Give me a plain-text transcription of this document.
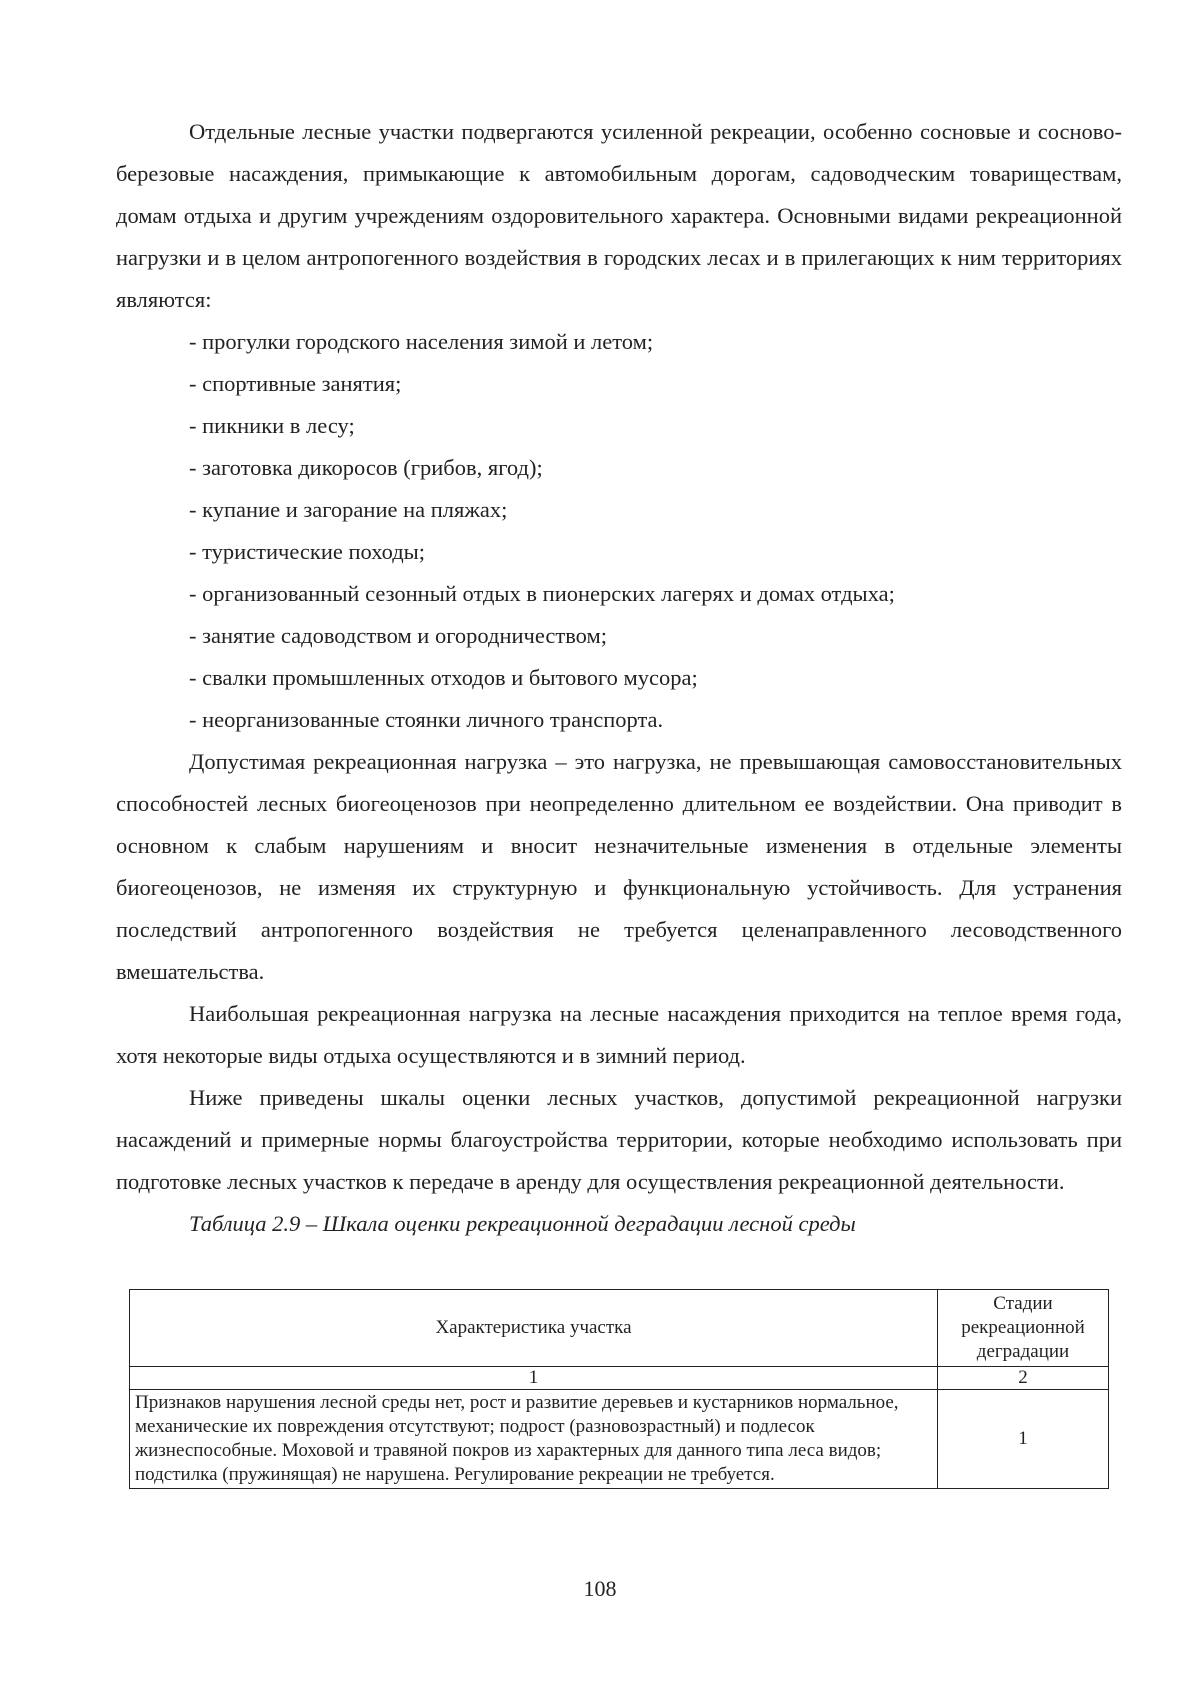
Отдельные лесные участки подвергаются усиленной рекреации, особенно сосновые и сосново-березовые насаждения, примыкающие к автомобильным дорогам, садоводческим товариществам, домам отдыха и другим учреждениям оздоровительного характера. Основными видами рекреационной нагрузки и в целом антропогенного воздействия в городских лесах и в прилегающих к ним территориях являются:

- прогулки городского населения зимой и летом;
- спортивные занятия;
- пикники в лесу;
- заготовка дикоросов (грибов, ягод);
- купание и загорание на пляжах;
- туристические походы;
- организованный сезонный отдых в пионерских лагерях и домах отдыха;
- занятие садоводством и огородничеством;
- свалки промышленных отходов и бытового мусора;
- неорганизованные стоянки личного транспорта.

Допустимая рекреационная нагрузка – это нагрузка, не превышающая самовосстановительных способностей лесных биогеоценозов при неопределенно длительном ее воздействии. Она приводит в основном к слабым нарушениям и вносит незначительные изменения в отдельные элементы биогеоценозов, не изменяя их структурную и функциональную устойчивость. Для устранения последствий антропогенного воздействия не требуется целенаправленного лесоводственного вмешательства.

Наибольшая рекреационная нагрузка на лесные насаждения приходится на теплое время года, хотя некоторые виды отдыха осуществляются и в зимний период.

Ниже приведены шкалы оценки лесных участков, допустимой рекреационной нагрузки насаждений и примерные нормы благоустройства территории, которые необходимо использовать при подготовке лесных участков к передаче в аренду для осуществления рекреационной деятельности.

Таблица 2.9 – Шкала оценки рекреационной деградации лесной среды

Характеристика участка	Стадии рекреационной деградации
1	2
Признаков нарушения лесной среды нет, рост и развитие деревьев и кустарников нормальное, механические их повреждения отсутствуют; подрост (разновозрастный) и подлесок жизнеспособные. Моховой и травяной покров из характерных для данного типа леса видов; подстилка (пружинящая) не нарушена. Регулирование рекреации не требуется.	1
108
